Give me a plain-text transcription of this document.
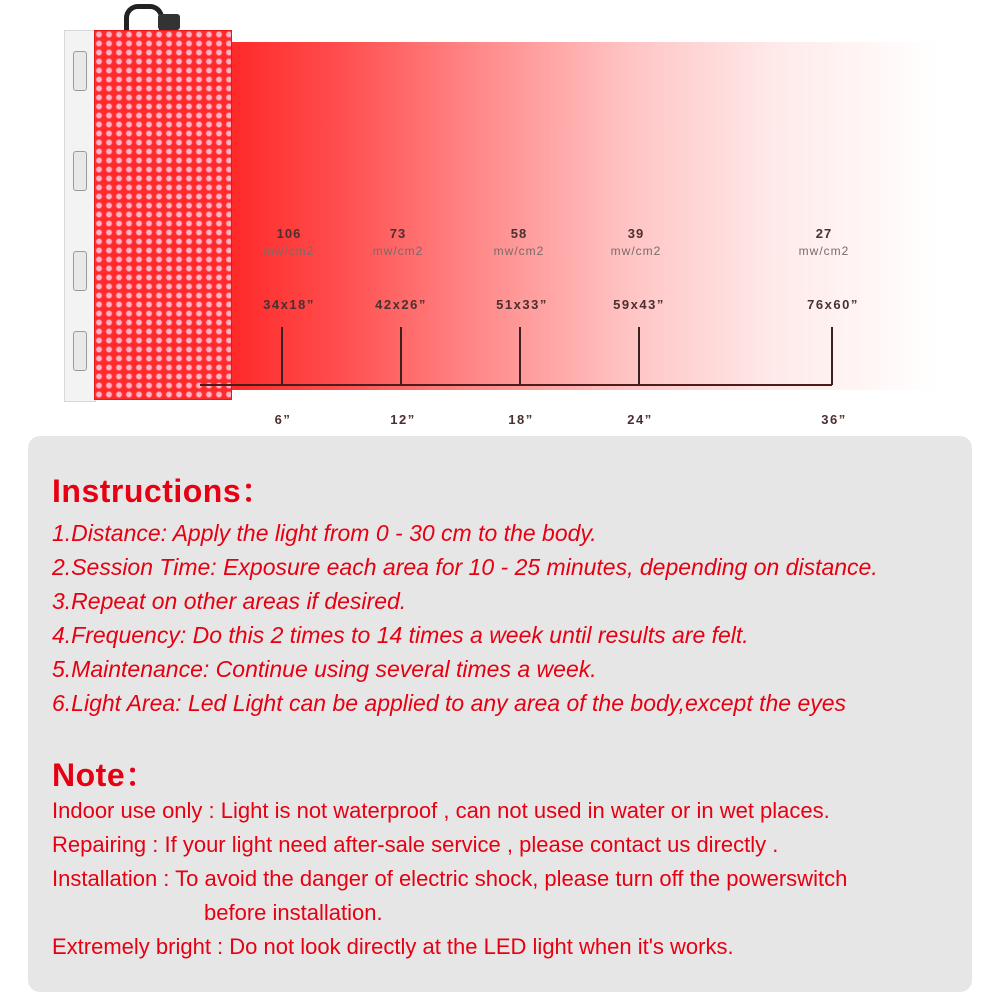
106
mw/cm2
34x18”
6”
73
mw/cm2
42x26”
12”
58
mw/cm2
51x33”
18”
39
mw/cm2
59x43”
24”
27
mw/cm2
76x60”
36”
Instructions：
1.Distance: Apply the light from 0 - 30 cm to the body.
2.Session Time: Exposure each area for 10 - 25 minutes, depending on distance.
3.Repeat on other areas if desired.
4.Frequency: Do this 2 times to 14 times a week until results are felt.
5.Maintenance: Continue using several times a week.
6.Light Area: Led Light can be applied to any area of the body,except the eyes
Note：
Indoor use only : Light is not waterproof , can not used in water or in wet places.
Repairing : If your light need after-sale service , please contact us directly .
Installation : To avoid the danger of electric shock, please turn off the powerswitch
before installation.
Extremely bright : Do not look directly at the LED light when it's works.
